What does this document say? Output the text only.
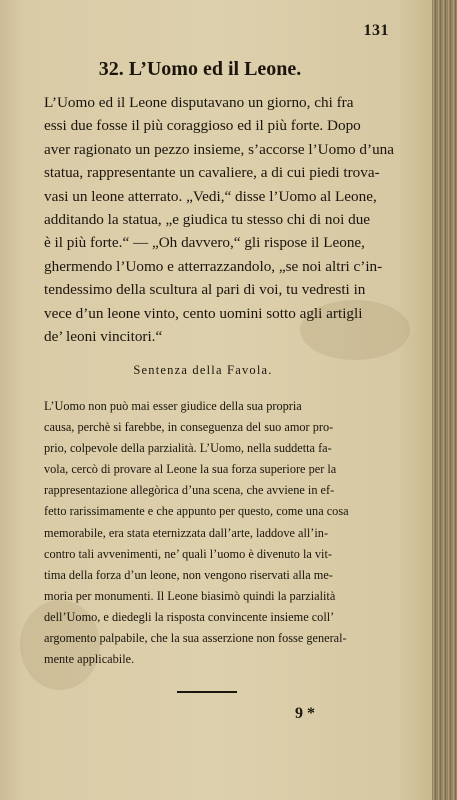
131
32. L’Uomo ed il Leone.
L’Uomo ed il Leone disputavano un giorno, chi fra
essi due fosse il più coraggioso ed il più forte. Dopo
aver ragionato un pezzo insieme, s’accorse l’Uomo d’una
statua, rappresentante un cavaliere, a di cui piedi trova-
vasi un leone atterrato. „Vedi,“ disse l’Uomo al Leone,
additando la statua, „e giudica tu stesso chi di noi due
è il più forte.“ — „Oh davvero,“ gli rispose il Leone,
ghermendo l’Uomo e atterrazzandolo, „se noi altri c’in-
tendessimo della scultura al pari di voi, tu vedresti in
vece d’un leone vinto, cento uomini sotto agli artigli
de’ leoni vincitori.“
Sentenza della Favola.
L’Uomo non può mai esser giudice della sua propria
causa, perchè si farebbe, in conseguenza del suo amor pro-
prio, colpevole della parzialità. L’Uomo, nella suddetta fa-
vola, cercò di provare al Leone la sua forza superiore per la
rappresentazione allegòrica d’una scena, che avviene in ef-
fetto rarissimamente e che appunto per questo, come una cosa
memorabile, era stata eternizzata dall’arte, laddove all’in-
contro tali avvenimenti, ne’ quali l’uomo è divenuto la vit-
tima della forza d’un leone, non vengono riservati alla me-
moria per monumenti. Il Leone biasimò quindi la parzialità
dell’Uomo, e diedegli la risposta convincente insieme coll’
argomento palpabile, che la sua asserzione non fosse general-
mente applicabile.
9 *
